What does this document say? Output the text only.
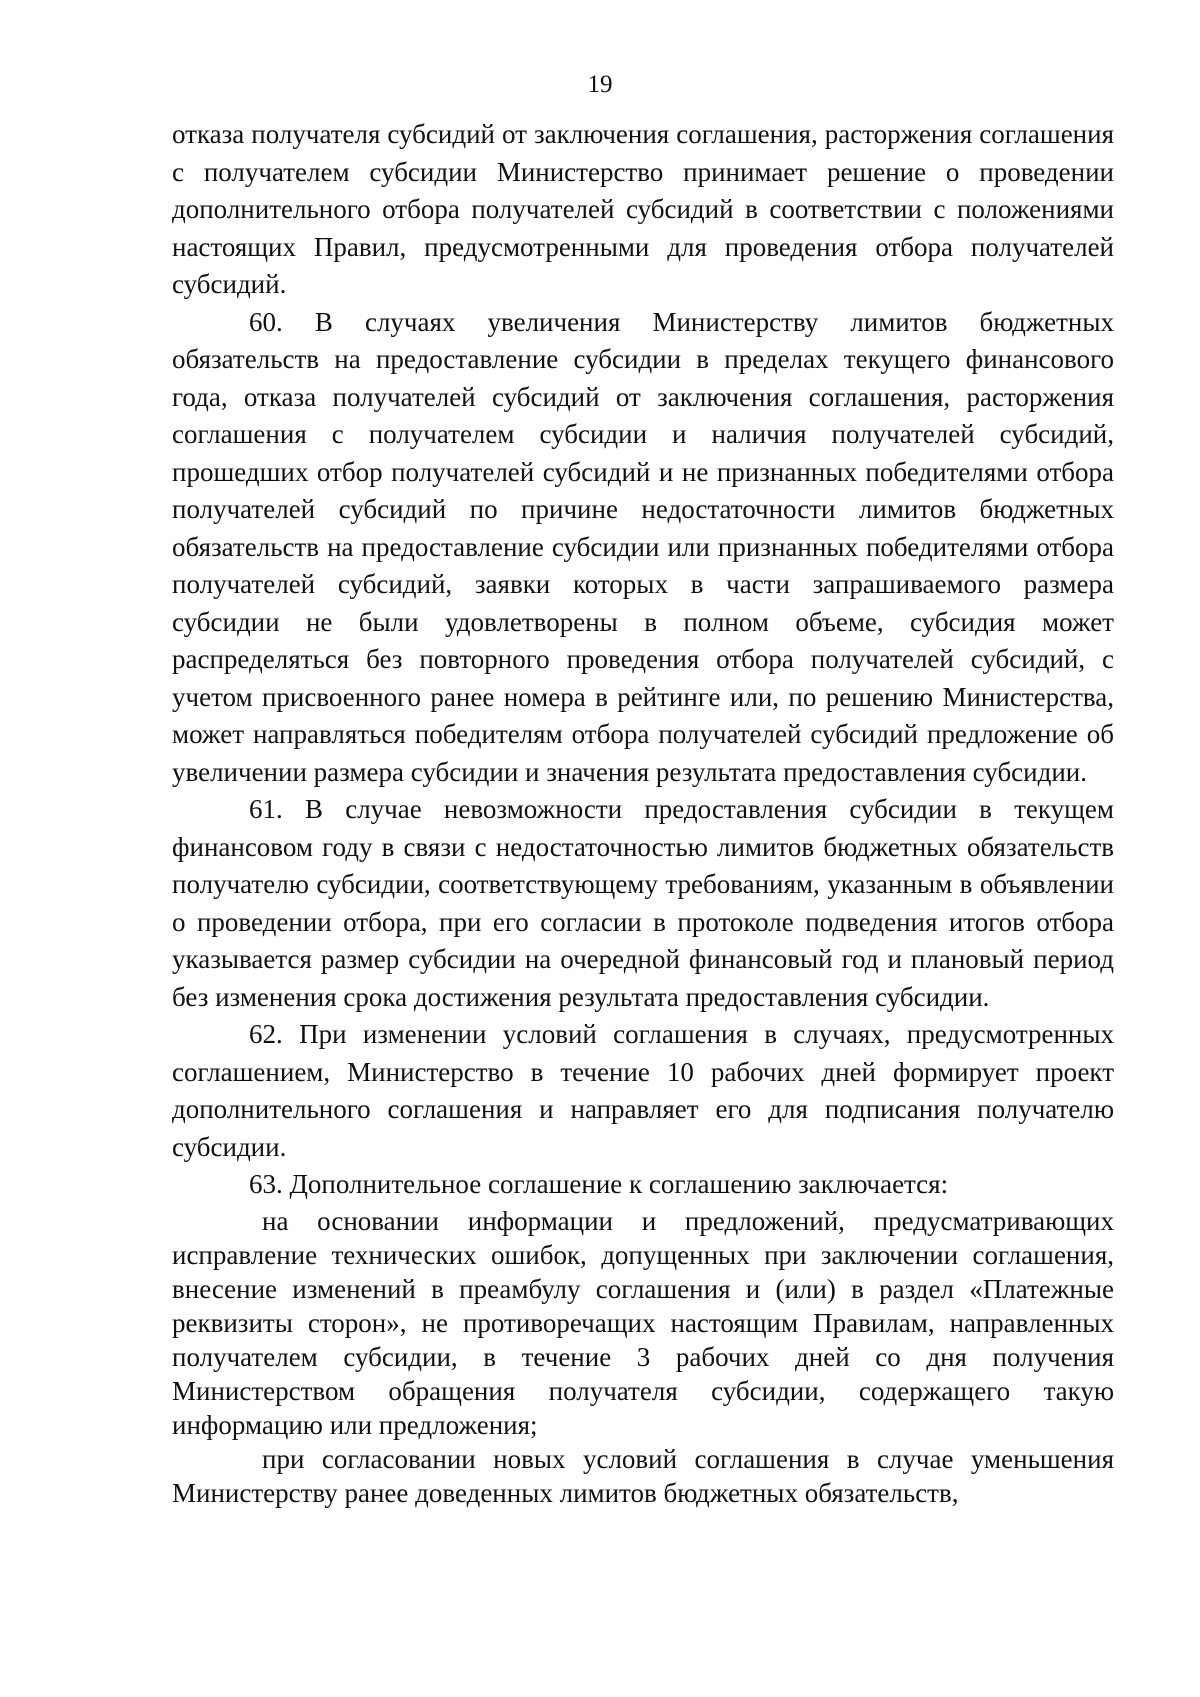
19

отказа получателя субсидий от заключения соглашения, расторжения соглашения с получателем субсидии Министерство принимает решение о проведении дополнительного отбора получателей субсидий в соответствии с положениями настоящих Правил, предусмотренными для проведения отбора получателей субсидий.

60. В случаях увеличения Министерству лимитов бюджетных обязательств на предоставление субсидии в пределах текущего финансового года, отказа получателей субсидий от заключения соглашения, расторжения соглашения с получателем субсидии и наличия получателей субсидий, прошедших отбор получателей субсидий и не признанных победителями отбора получателей субсидий по причине недостаточности лимитов бюджетных обязательств на предоставление субсидии или признанных победителями отбора получателей субсидий, заявки которых в части запрашиваемого размера субсидии не были удовлетворены в полном объеме, субсидия может распределяться без повторного проведения отбора получателей субсидий, с учетом присвоенного ранее номера в рейтинге или, по решению Министерства, может направляться победителям отбора получателей субсидий предложение об увеличении размера субсидии и значения результата предоставления субсидии.

61. В случае невозможности предоставления субсидии в текущем финансовом году в связи с недостаточностью лимитов бюджетных обязательств получателю субсидии, соответствующему требованиям, указанным в объявлении о проведении отбора, при его согласии в протоколе подведения итогов отбора указывается размер субсидии на очередной финансовый год и плановый период без изменения срока достижения результата предоставления субсидии.

62. При изменении условий соглашения в случаях, предусмотренных соглашением, Министерство в течение 10 рабочих дней формирует проект дополнительного соглашения и направляет его для подписания получателю субсидии.

63. Дополнительное соглашение к соглашению заключается:

на основании информации и предложений, предусматривающих исправление технических ошибок, допущенных при заключении соглашения, внесение изменений в преамбулу соглашения и (или) в раздел «Платежные реквизиты сторон», не противоречащих настоящим Правилам, направленных получателем субсидии, в течение 3 рабочих дней со дня получения Министерством обращения получателя субсидии, содержащего такую информацию или предложения;

при согласовании новых условий соглашения в случае уменьшения Министерству ранее доведенных лимитов бюджетных обязательств,
